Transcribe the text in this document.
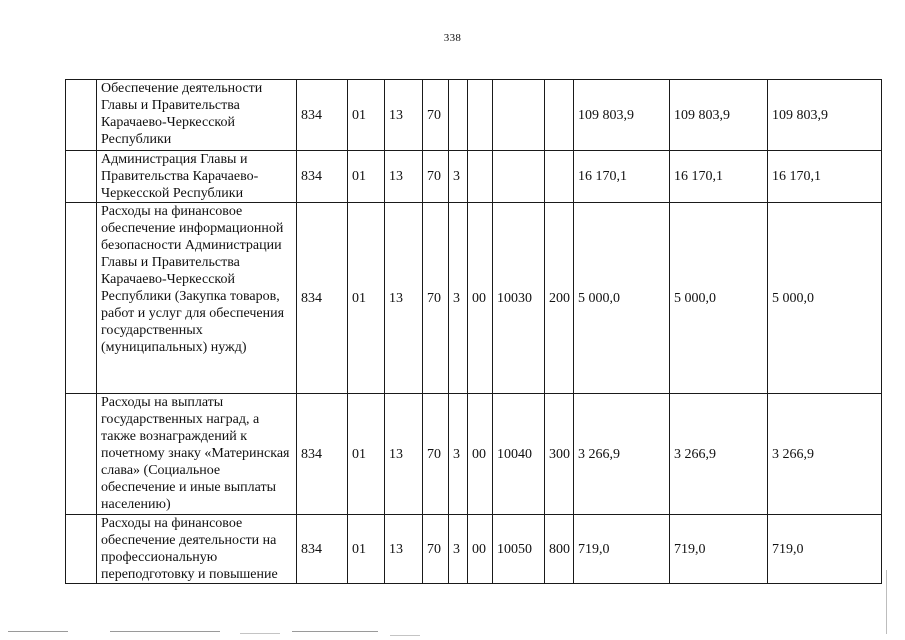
338
	Обеспечение деятельности Главы и Правительства Карачаево-Черкесской Республики	834	01	13	70					109 803,9	109 803,9	109 803,9
	Администрация Главы и Правительства Карачаево-Черкесской Республики	834	01	13	70	3				16 170,1	16 170,1	16 170,1
	Расходы на финансовое обеспечение информационной безопасности Администрации Главы и Правительства Карачаево-Черкесской Республики (Закупка товаров, работ и услуг для обеспечения государственных (муниципальных) нужд)	834	01	13	70	3	00	10030	200	5 000,0	5 000,0	5 000,0
	Расходы на выплаты государственных наград, а также вознаграждений к почетному знаку «Материнская слава» (Социальное обеспечение и иные выплаты населению)	834	01	13	70	3	00	10040	300	3 266,9	3 266,9	3 266,9
	Расходы на финансовое обеспечение деятельности на профессиональную переподготовку и повышение	834	01	13	70	3	00	10050	800	719,0	719,0	719,0
